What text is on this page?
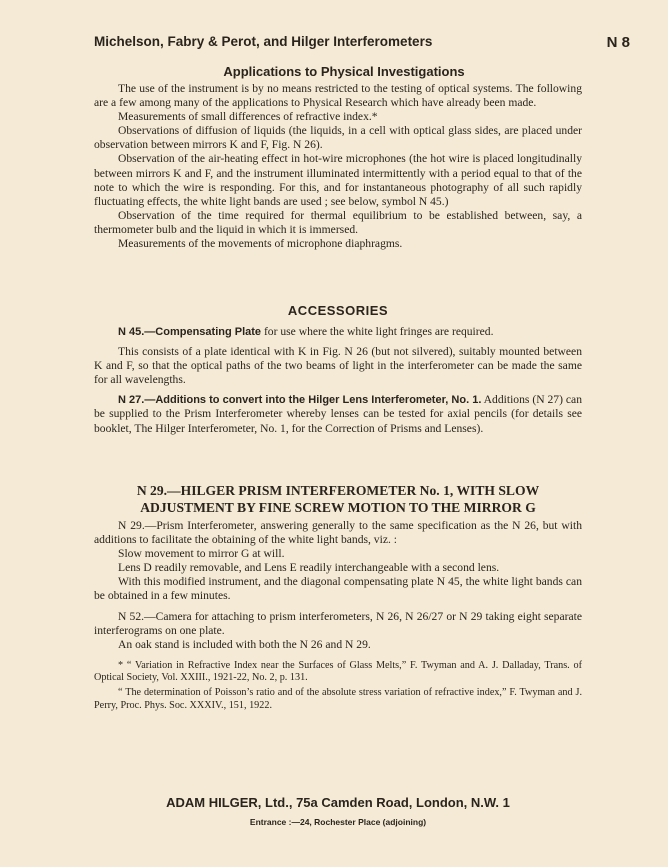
Michelson, Fabry & Perot, and Hilger Interferometers	N 8
Applications to Physical Investigations

The use of the instrument is by no means restricted to the testing of optical systems. The following are a few among many of the applications to Physical Research which have already been made.

Measurements of small differences of refractive index.*

Observations of diffusion of liquids (the liquids, in a cell with optical glass sides, are placed under observation between mirrors K and F, Fig. N 26).

Observation of the air-heating effect in hot-wire microphones (the hot wire is placed longitudinally between mirrors K and F, and the instrument illuminated intermittently with a period equal to that of the note to which the wire is responding. For this, and for instantaneous photography of all such rapidly fluctuating effects, the white light bands are used ; see below, symbol N 45.)

Observation of the time required for thermal equilibrium to be established between, say, a thermometer bulb and the liquid in which it is immersed.

Measurements of the movements of microphone diaphragms.

ACCESSORIES

N 45.—Compensating Plate for use where the white light fringes are required.

This consists of a plate identical with K in Fig. N 26 (but not silvered), suitably mounted between K and F, so that the optical paths of the two beams of light in the interferometer can be made the same for all wavelengths.

N 27.—Additions to convert into the Hilger Lens Interferometer, No. 1. Additions (N 27) can be supplied to the Prism Interferometer whereby lenses can be tested for axial pencils (for details see booklet, The Hilger Interferometer, No. 1, for the Correction of Prisms and Lenses).

N 29.—HILGER PRISM INTERFEROMETER No. 1, WITH SLOW
ADJUSTMENT BY FINE SCREW MOTION TO THE MIRROR G

N 29.—Prism Interferometer, answering generally to the same specification as the N 26, but with additions to facilitate the obtaining of the white light bands, viz. :

Slow movement to mirror G at will.

Lens D readily removable, and Lens E readily interchangeable with a second lens.

With this modified instrument, and the diagonal compensating plate N 45, the white light bands can be obtained in a few minutes.

N 52.—Camera for attaching to prism interferometers, N 26, N 26/27 or N 29 taking eight separate interferograms on one plate.

An oak stand is included with both the N 26 and N 29.

* “ Variation in Refractive Index near the Surfaces of Glass Melts,” F. Twyman and A. J. Dalladay, Trans. of Optical Society, Vol. XXIII., 1921-22, No. 2, p. 131.

“ The determination of Poisson’s ratio and of the absolute stress variation of refractive index,” F. Twyman and J. Perry, Proc. Phys. Soc. XXXIV., 151, 1922.

ADAM HILGER, Ltd., 75a Camden Road, London, N.W. 1
Entrance :—24, Rochester Place (adjoining)
